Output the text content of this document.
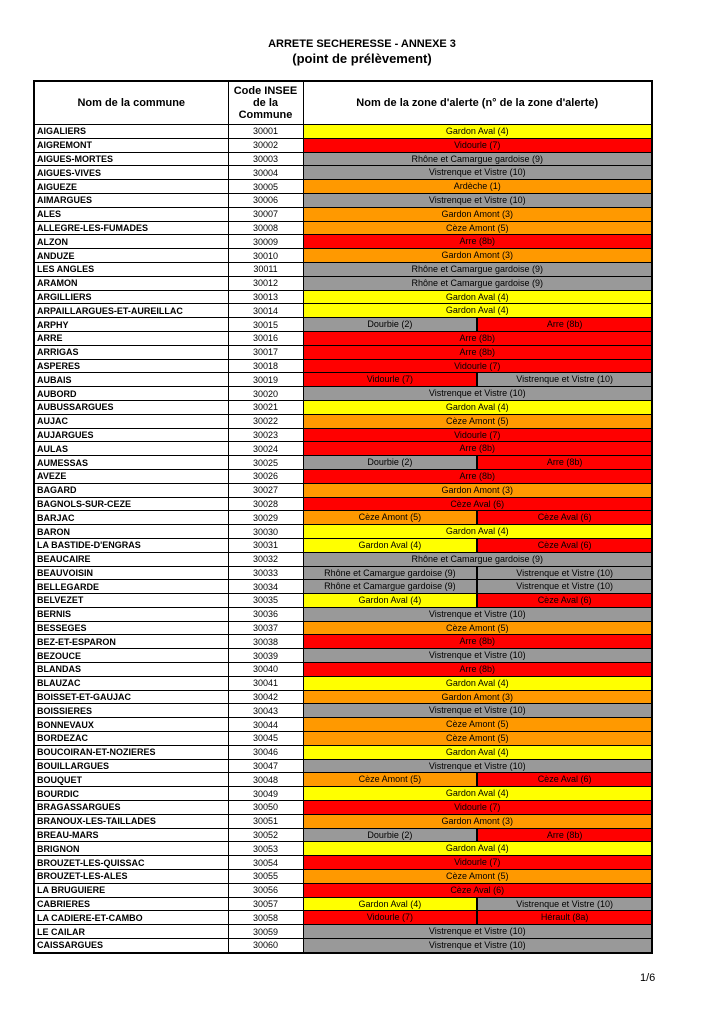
ARRETE SECHERESSE - ANNEXE 3
(point de prélèvement)
Nom de la commune	Code INSEE de la Commune	Nom de la zone d'alerte (n° de la zone d'alerte)
AIGALIERS	30001	Gardon Aval (4)

AIGREMONT	30002	Vidourle (7)

AIGUES-MORTES	30003	Rhône et Camargue gardoise (9)

AIGUES-VIVES	30004	Vistrenque et Vistre (10)

AIGUEZE	30005	Ardèche (1)

AIMARGUES	30006	Vistrenque et Vistre (10)

ALES	30007	Gardon Amont (3)

ALLEGRE-LES-FUMADES	30008	Cèze Amont (5)

ALZON	30009	Arre (8b)

ANDUZE	30010	Gardon Amont (3)

LES ANGLES	30011	Rhône et Camargue gardoise (9)

ARAMON	30012	Rhône et Camargue gardoise (9)

ARGILLIERS	30013	Gardon Aval (4)

ARPAILLARGUES-ET-AUREILLAC	30014	Gardon Aval (4)

ARPHY	30015	Dourbie (2) Arre (8b)

ARRE	30016	Arre (8b)

ARRIGAS	30017	Arre (8b)

ASPERES	30018	Vidourle (7)

AUBAIS	30019	Vidourle (7) Vistrenque et Vistre (10)

AUBORD	30020	Vistrenque et Vistre (10)

AUBUSSARGUES	30021	Gardon Aval (4)

AUJAC	30022	Cèze Amont (5)

AUJARGUES	30023	Vidourle (7)

AULAS	30024	Arre (8b)

AUMESSAS	30025	Dourbie (2) Arre (8b)

AVEZE	30026	Arre (8b)

BAGARD	30027	Gardon Amont (3)

BAGNOLS-SUR-CEZE	30028	Cèze Aval (6)

BARJAC	30029	Cèze Amont (5) Cèze Aval (6)

BARON	30030	Gardon Aval (4)

LA BASTIDE-D'ENGRAS	30031	Gardon Aval (4) Cèze Aval (6)

BEAUCAIRE	30032	Rhône et Camargue gardoise (9)

BEAUVOISIN	30033	Rhône et Camargue gardoise (9) Vistrenque et Vistre (10)

BELLEGARDE	30034	Rhône et Camargue gardoise (9) Vistrenque et Vistre (10)

BELVEZET	30035	Gardon Aval (4) Cèze Aval (6)

BERNIS	30036	Vistrenque et Vistre (10)

BESSEGES	30037	Cèze Amont (5)

BEZ-ET-ESPARON	30038	Arre (8b)

BEZOUCE	30039	Vistrenque et Vistre (10)

BLANDAS	30040	Arre (8b)

BLAUZAC	30041	Gardon Aval (4)

BOISSET-ET-GAUJAC	30042	Gardon Amont (3)

BOISSIERES	30043	Vistrenque et Vistre (10)

BONNEVAUX	30044	Cèze Amont (5)

BORDEZAC	30045	Cèze Amont (5)

BOUCOIRAN-ET-NOZIERES	30046	Gardon Aval (4)

BOUILLARGUES	30047	Vistrenque et Vistre (10)

BOUQUET	30048	Cèze Amont (5) Cèze Aval (6)

BOURDIC	30049	Gardon Aval (4)

BRAGASSARGUES	30050	Vidourle (7)

BRANOUX-LES-TAILLADES	30051	Gardon Amont (3)

BREAU-MARS	30052	Dourbie (2) Arre (8b)

BRIGNON	30053	Gardon Aval (4)

BROUZET-LES-QUISSAC	30054	Vidourle (7)

BROUZET-LES-ALES	30055	Cèze Amont (5)

LA BRUGUIERE	30056	Cèze Aval (6)

CABRIERES	30057	Gardon Aval (4) Vistrenque et Vistre (10)

LA CADIERE-ET-CAMBO	30058	Vidourle (7) Hérault (8a)

LE CAILAR	30059	Vistrenque et Vistre (10)

CAISSARGUES	30060	Vistrenque et Vistre (10)
1/6
